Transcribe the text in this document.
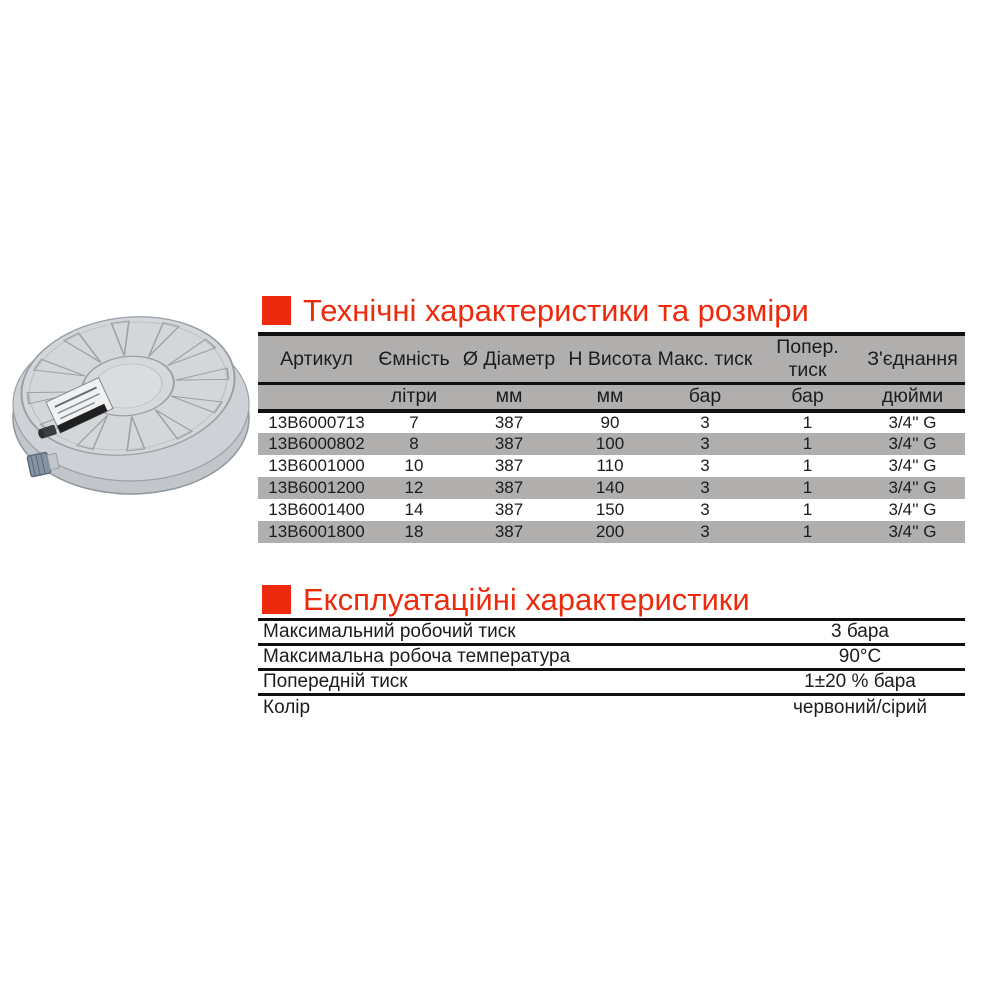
Технічні характеристики та розміри
Артикул	Ємність	Ø Діаметр	Н Висота	Макс. тиск	Попер. тиск	З'єднання
	літри	мм	мм	бар	бар	дюйми
13B6000713	7	387	90	3	1	3/4'' G
13B6000802	8	387	100	3	1	3/4'' G
13B6001000	10	387	110	3	1	3/4'' G
13B6001200	12	387	140	3	1	3/4'' G
13B6001400	14	387	150	3	1	3/4'' G
13B6001800	18	387	200	3	1	3/4'' G
Експлуатаційні характеристики
Максимальний робочий тиск	3 бара
Максимальна робоча температура	90°C
Попередній тиск	1±20 % бара
Колір	червоний/сірий
